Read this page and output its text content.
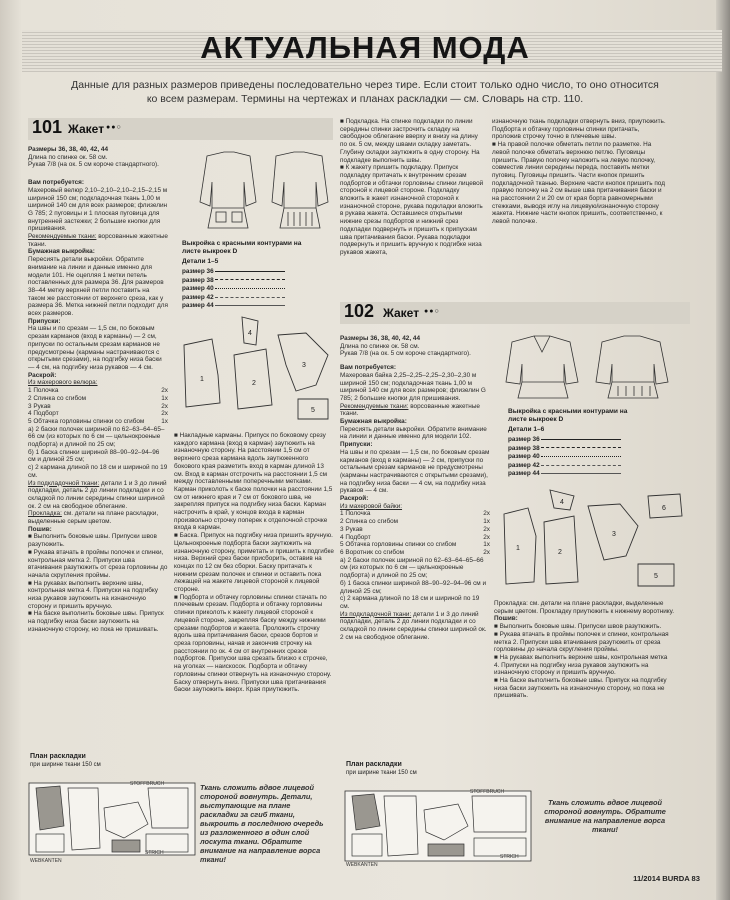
АКТУАЛЬНАЯ МОДА
Данные для разных размеров приведены последовательно через тире. Если стоит только одно число, то оно относится
ко всем размерам. Термины на чертежах и планах раскладки — см. Словарь на стр. 110.
101 Жакет ●●○

Размеры 36, 38, 40, 42, 44

Длина по спинке ок. 58 см.

Рукав 7/8 (на ок. 5 см короче стандартного).

Вам потребуется:

Махеровый велюр 2,10–2,10–2,10–2,15–2,15 м шириной 150 см; подкладочная ткань 1,00 м шириной 140 см для всех размеров; флизелин G 785; 2 пуговицы и 1 плоская пуговица для внутренней застежки; 2 большие кнопки для пришивания.

Рекомендуемые ткани: ворсованные жакетные ткани.

Бумажная выкройка:

Пересиять детали выкройки. Обратите внимание на линии и данные именно для модели 101. Не оцепляя 1 метки петель поставленных для размера 36. Для размеров 38–44 метку верхней петли поставить на таком же расстоянии от верхнего среза, как у размера 36. Метка нижней петли подходит для всех размеров.

Припуски:

На швы и по срезам — 1,5 см, по боковым срезам карманов (вход в карманы) — 2 см, припуски по остальным срезам карманов не предусмотрены (карманы настрачиваются с открытыми срезами), на подгибку низа баски — 4 см, на подгибку низа рукавов — 4 см.

Раскрой:

Из махерового велюра:

1 Полочка	2х
2 Спинка со сгибом	1х
3 Рукав	2х
4 Подборт	2х
5 Обтачка горловины спинки со сгибом	1х

а) 2 баски полочек шириной по 62–63–64–65–66 см (из которых по 6 см — цельнокроеные подборта) и длиной по 25 см;

б) 1 баска спинки шириной 88–90–92–94–96 см и длиной 25 см;

с) 2 кармана длиной по 18 см и шириной по 19 см.

Из подкладочной ткани: детали 1 и 3 до линий подкладки, деталь 2 до линии подкладки и со складкой по линии середины спинки шириной ок. 2 см на свободное облегание.

Прокладка: см. детали на плане раскладки, выделенные серым цветом.

Пошив:

■ Выполнить боковые швы. Припуски швов разутюжить.

■ Рукава втачать в проймы полочек и спинки, контрольная метка 2. Припуски шва втачивания разутюжить от среза горловины до начала скругления проймы.

■ На рукавах выполнить верхние швы, контрольная метка 4. Припуски на подгибку низа рукавов заутюжить на изнаночную сторону и пришить вручную.

■ На баске выполнить боковые швы. Припуск на подгибку низа баски заутюжить на изнаночную сторону, но пока не пришивать.

Выкройка с красными контурами на листе выкроек D
Детали 1–5
размер 36
размер 38
размер 40
размер 42
размер 44
1
2
3
4
5

■ Накладные карманы. Припуск по боковому срезу каждого кармана (вход в карман) заутюжить на изнаночную сторону. На расстоянии 1,5 см от верхнего среза кармана вдоль заутюженного бокового края разметить вход в карман длиной 13 см. Вход в карман отстрочить на расстоянии 1,5 см между поставленными поперечными метками. Карман приколоть к баске полочки на расстоянии 1,5 см от нижнего края и 7 см от бокового шва, не закрепляя припуск на подгибку низа баски. Карман настрочить в край, у концов входа в карман произвольно строчку поперек к отделочной строчке входа в карман.

■ Баска. Припуск на подгибку низа пришить вручную. Цельнокроеные подборта баски заутюжить на изнаночную сторону, приметать и пришить к подгибке низа. Верхний срез баски присборить, оставив на концах по 12 см без сборки. Баску притачать к нижним срезам полочек и спинки и оставить пока лежащей на жакете лицевой стороной к лицевой стороне.

■ Подборта и обтачку горловины спинки стачать по плечевым срезам. Подборта и обтачку горловины спинки приколоть к жакету лицевой стороной к лицевой стороне, закрепляя баску между нижними срезами подбортов и жакета. Проложить строчку вдоль шва притачивания баски, срезов бортов и среза горловины, начав и закончив строчку на расстоянии по ок. 4 см от внутренних срезов подбортов. Припуски шва срезать близко к строчке, на уголках — наискосок. Подборта и обтачку горловины спинки отвернуть на изнаночную сторону. Баску отвернуть вниз. Припуски шва притачивания баски заутюжить вверх. Края приутюжить.

План раскладки
при ширине ткани 150 см
STOFFBRUCH
WEBKANTEN
STRICH
Ткань сложить вдвое лицевой стороной вовнутрь. Детали, выступающие на плане раскладки за сгиб ткани, выкроить в последнюю очередь из разложенного в один слой лоскута ткани. Обратите внимание на направление ворса ткани!

■ Подкладка. На спинке подкладки по линии середины спинки застрочить складку на свободное облегание вверху и внизу на длину по ок. 5 см, между швами складку заметать. Глубину складки заутюжить в одну сторону. На подкладке выполнить швы.

■ К жакету пришить подкладку. Припуск подкладку притачать к внутренним срезам подбортов и обтачки горловины спинки лицевой стороной к лицевой стороне. Подкладку вложить в жакет изнаночной стороной к изнаночной стороне, рукава подкладки вложить в рукава жакета. Оставшиеся открытыми нижние срезы подбортов и нижний срез подкладки подвернуть и пришить к припускам шва притачивания баски. Рукава подкладки подвернуть и пришить вручную к подгибке низа рукавов жакета,

изнаночную ткань подкладки отвернуть вниз, приутюжить. Подборта и обтачку горловины спинки притачать, проложив строчку точно в плечевые швы.

■ На правой полочке обметать петли по разметке. На левой полочке обметать верхнюю петлю. Пуговицы пришить. Правую полочку наложить на левую полочку, совместив линии середины переда, поставить метки пуговиц. Пуговицы пришить. Части кнопок пришить подкладочной тканью. Верхние части кнопок пришить под правую полочку на 2 см выше шва притачивания баски и на расстоянии 2 и 20 см от края борта равномерными стежками, выводя иглу на лицевую/изнаночную сторону жакета. Нижние части кнопок пришить, соответственно, к левой полочке.

102 Жакет ●●○

Размеры 36, 38, 40, 42, 44

Длина по спинке ок. 58 см.

Рукав 7/8 (на ок. 5 см короче стандартного).

Вам потребуется:

Махеровая байка 2,25–2,25–2,25–2,30–2,30 м шириной 150 см; подкладочная ткань 1,00 м шириной 140 см для всех размеров; флизелин G 785; 2 большие кнопки для пришивания.

Рекомендуемые ткани: ворсованные жакетные ткани.

Бумажная выкройка:

Пересиять детали выкройки. Обратите внимание на линии и данные именно для модели 102.

Припуски:

На швы и по срезам — 1,5 см, по боковым срезам карманов (вход в карманы) — 2 см, припуски по остальным срезам карманов не предусмотрены (карманы настрачиваются с открытыми срезами), на подгибку низа баски — 4 см, на подгибку низа рукавов — 4 см.

Раскрой:

Из махеровой байки:

1 Полочка	2х
2 Спинка со сгибом	1х
3 Рукав	2х
4 Подборт	2х
5 Обтачка горловины спинки со сгибом	1х
6 Воротник со сгибом	2х

а) 2 баски полочек шириной по 62–63–64–65–66 см (из которых по 6 см — цельнокроеные подборта) и длиной по 25 см;

б) 1 баска спинки шириной 88–90–92–94–96 см и длиной 25 см;

с) 2 кармана длиной по 18 см и шириной по 19 см.

Из подкладочной ткани: детали 1 и 3 до линий подкладки, деталь 2 до линии подкладки и со складкой по линии середины спинки шириной ок. 2 см на свободное облегание.

Выкройка с красными контурами на листе выкроек D
Детали 1–6
размер 36
размер 38
размер 40
размер 42
размер 44
1
2
3
4
5
6

Прокладка: см. детали на плане раскладки, выделенные серым цветом. Прокладку приутюжить к нижнему воротнику.

Пошив:

■ Выполнить боковые швы. Припуски швов разутюжить.

■ Рукава втачать в проймы полочек и спинки, контрольная метка 2. Припуски шва втачивания разутюжить от среза горловины до начала скругления проймы.

■ На рукавах выполнить верхние швы, контрольная метка 4. Припуски на подгибку низа рукавов заутюжить на изнаночную сторону и пришить вручную.

■ На баске выполнить боковые швы. Припуск на подгибку низа баски заутюжить на изнаночную сторону, но пока не пришивать.

План раскладки
при ширине ткани 150 см
STOFFBRUCH
WEBKANTEN
STRICH
Ткань сложить вдвое лицевой стороной вовнутрь. Обратите внимание на направление ворса ткани!
11/2014 BURDA 83
